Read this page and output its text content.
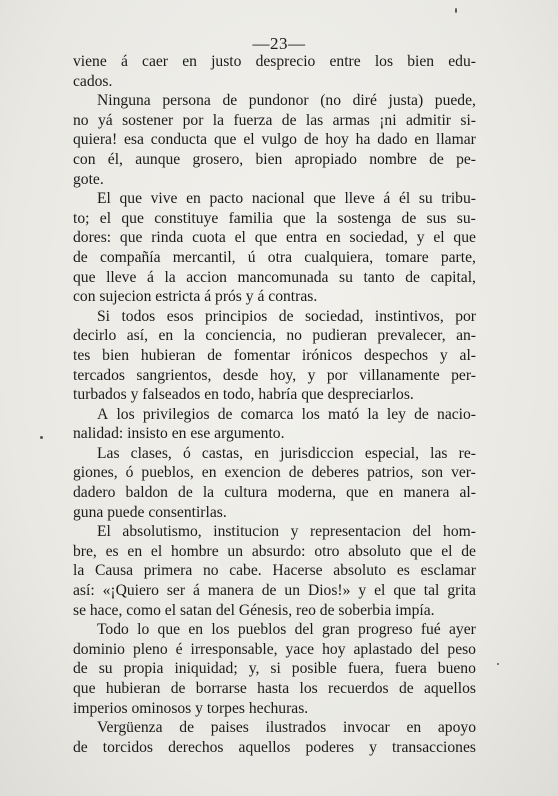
—23—
viene á caer en justo desprecio entre los bien edu-
cados.
Ninguna persona de pundonor (no diré justa) puede,
no yá sostener por la fuerza de las armas ¡ni admitir si-
quiera! esa conducta que el vulgo de hoy ha dado en llamar
con él, aunque grosero, bien apropiado nombre de pe-
gote.
El que vive en pacto nacional que lleve á él su tribu-
to; el que constituye familia que la sostenga de sus su-
dores: que rinda cuota el que entra en sociedad, y el que
de compañía mercantil, ú otra cualquiera, tomare parte,
que lleve á la accion mancomunada su tanto de capital,
con sujecion estricta á prós y á contras.
Si todos esos principios de sociedad, instintivos, por
decirlo así, en la conciencia, no pudieran prevalecer, an-
tes bien hubieran de fomentar irónicos despechos y al-
tercados sangrientos, desde hoy, y por villanamente per-
turbados y falseados en todo, habría que despreciarlos.
A los privilegios de comarca los mató la ley de nacio-
nalidad: insisto en ese argumento.
Las clases, ó castas, en jurisdiccion especial, las re-
giones, ó pueblos, en exencion de deberes patrios, son ver-
dadero baldon de la cultura moderna, que en manera al-
guna puede consentirlas.
El absolutismo, institucion y representacion del hom-
bre, es en el hombre un absurdo: otro absoluto que el de
la Causa primera no cabe. Hacerse absoluto es esclamar
así: «¡Quiero ser á manera de un Dios!» y el que tal grita
se hace, como el satan del Génesis, reo de soberbia impía.
Todo lo que en los pueblos del gran progreso fué ayer
dominio pleno é irresponsable, yace hoy aplastado del peso
de su propia iniquidad; y, si posible fuera, fuera bueno
que hubieran de borrarse hasta los recuerdos de aquellos
imperios ominosos y torpes hechuras.
Vergüenza de paises ilustrados invocar en apoyo
de torcidos derechos aquellos poderes y transacciones
